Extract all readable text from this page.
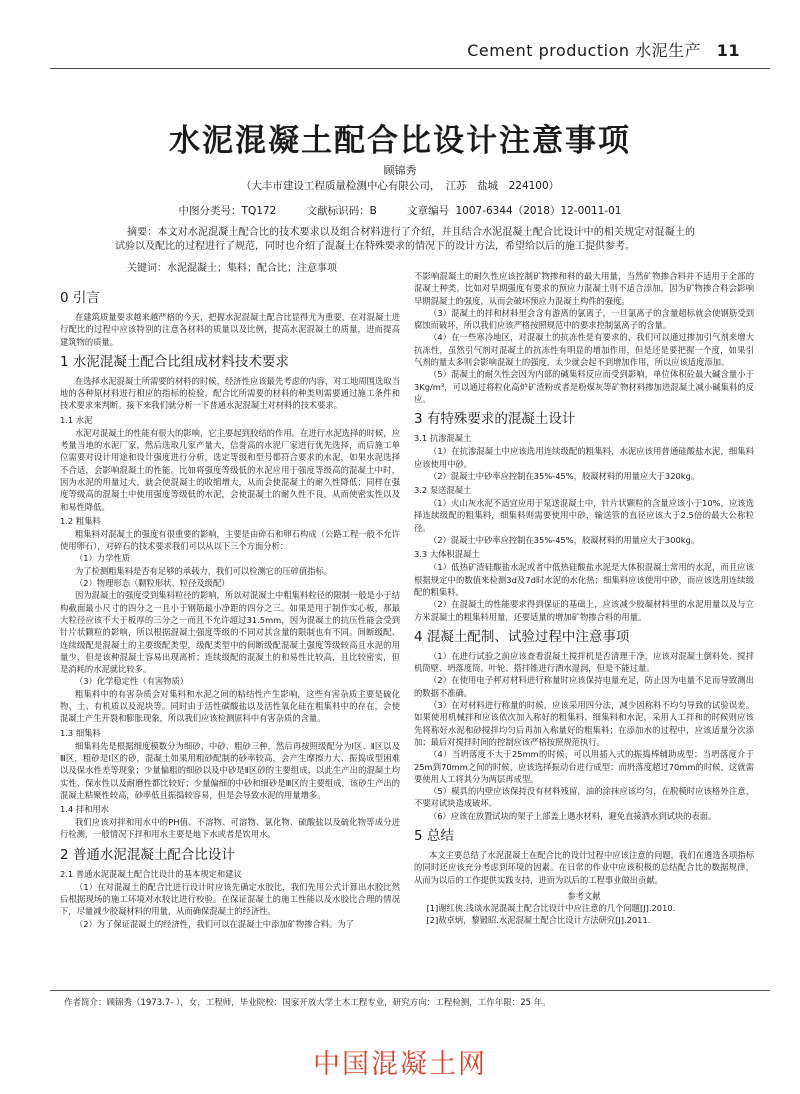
Cement production 水泥生产 11
水泥混凝土配合比设计注意事项
顾锦秀
（大丰市建设工程质量检测中心有限公司，　江苏　盐城　224100）
中图分类号：TQ172	文献标识码：B	文章编号 1007-6344（2018）12-0011-01
摘要：本文对水泥混凝土配合比的技术要求以及组合材料进行了介绍，并且结合水泥混凝土配合比设计中的相关规定对混凝土的试验以及配比的过程进行了规范，同时也介绍了混凝土在特殊要求的情况下的设计方法，希望给以后的施工提供参考。
关键词：水泥混凝土；集料；配合比；注意事项
0 引言

在建筑质量要求越来越严格的今天，把握水泥混凝土配合比显得尤为重要，在对混凝土进行配比的过程中应该特别的注意各材料的质量以及比例，提高水泥混凝土的质量，进而提高建筑物的质量。

1 水泥混凝土配合比组成材料技术要求

在选择水泥混凝土所需要的材料的时候，经济性应该最先考虑的内容，对工地周围选取当地的各种原材料进行相应的指标的检验，配合比所需要的材料的种类则需要通过施工条件和技术要求来判断。接下来我们就分析一下普通水泥混凝土对材料的技术要求。

1.1 水泥

水泥对混凝土的性能有很大的影响，它主要起到胶结的作用。在进行水泥选择的时候，应考量当地的水泥厂家，然后选取几家产量大，信誉高的水泥厂家进行优先选择，而后施工单位需要对设计用途和设计强度进行分析，选定等级和型号都符合要求的水泥，如果水泥选择不合适，会影响混凝土的性能。比如将强度等级低的水泥应用于强度等级高的混凝土中时，因为水泥的用量过大，就会使混凝土的收缩增大，从而会使混凝土的耐久性降低；同样在强度等级高的混凝土中使用强度等级低的水泥，会使混凝土的耐久性不良，从而使密实性以及和易性降低。

1.2 粗集料

粗集料对混凝土的强度有很重要的影响，主要是由碎石和卵石构成（公路工程一般不允许使用卵石），对碎石的技术要求我们可以从以下三个方面分析：

（1）力学性质

为了检测粗集料是否有足够的承载力，我们可以检测它的压碎值指标。

（2）物理形态（颗粒形状、粒径及级配）

因为混凝土的强度受到集料粒径的影响，所以对混凝土中粗集料粒径的限制一般是小于结构截面最小尺寸的四分之一且小于钢筋最小净距的四分之三。如果是用于制作实心板，那最大粒径应该不大于板厚的三分之一而且不允许超过31.5mm，因为混凝土的抗压性能会受到针片状颗粒的影响，所以根据混凝土强度等级的不同对其含量的限制也有不同。间断级配、连续级配是混凝土的主要级配类型，级配类型中的间断级配混凝土强度等级较高且水泥的用量少，但是该种混凝土容易出现离析；连续级配的混凝土的和易性比较高，且比较密实，但是消耗的水泥就比较多。

（3）化学稳定性（有害物质）

粗集料中的有害杂质会对集料和水泥之间的粘结性产生影响，这些有害杂质主要是硫化物、土、有机质以及泥块等。同时由于活性碳酸盐以及活性氧化硅在粗集料中的存在，会使混凝土产生开裂和膨胀现象，所以我们应该检测原料中有害杂质的含量。

1.3 细集料

细集料先是根据细度模数分为细砂、中砂、粗砂三种，然后再按照级配分为Ⅰ区、Ⅱ区以及Ⅲ区，粗砂是Ⅰ区的砂，混凝土如果用粗砂配制的砂率较高，会产生摩擦力大、振捣成型困难以及保水性差等现象；少量偏粗的细砂以及中砂是Ⅱ区砂的主要组成，以此生产出的混凝土均实性、保水性以及耐磨性都比较好；少量偏细的中砂和细砂是Ⅲ区的主要组成，该砂生产出的混凝土粘聚性较高，砂率低且振捣较容易，但是会导致水泥的用量增多。

1.4 拌和用水

我们应该对拌和用水中的PH值、不溶物、可溶物、氯化物、硫酸盐以及硫化物等成分进行检测，一般情况下拌和用水主要是地下水或者是饮用水。

2 普通水泥混凝土配合比设计
2.1 普通水泥混凝土配合比设计的基本规定和建议

（1）在对混凝土的配合比进行设计时应该先确定水胶比，我们先用公式计算出水胶比然后根据现场的施工环境对水胶比进行校验。在保证混凝土的施工性能以及水胶比合理的情况下，尽量减少胶凝材料的用量，从而确保混凝土的经济性。

（2）为了保证混凝土的经济性，我们可以在混凝土中添加矿物掺合料。为了

不影响混凝土的耐久性应该控制矿物掺和料的最大用量，当然矿物掺合料并不适用于全部的混凝土种类，比如对早期强度有要求的预应力混凝土则不适合添加，因为矿物掺合料会影响早期混凝土的强度，从而会破坏预应力混凝土构件的强度。

（3）混凝土的拌和材料里会含有游离的氯离子，一旦氯离子的含量超标就会使钢筋受到腐蚀而破坏，所以我们应该严格按照规范中的要求控制氯离子的含量。

（4）在一些寒冷地区，对混凝土的抗冻性是有要求的，我们可以通过掺加引气剂来增大抗冻性，虽然引气剂对混凝土的抗冻性有明显的增加作用，但是还是要把握一个度，如果引气剂的量太多则会影响混凝土的强度，太少就会起不到增加作用，所以应该适度添加。

（5）混凝土的耐久性会因为内部的碱集料反应而受到影响，单位体积砼最大碱含量小于3Kg/m³，可以通过将粒化高炉矿渣粉或者是粉煤灰等矿物材料掺加进混凝土减小碱集料的反应。

3 有特殊要求的混凝土设计
3.1 抗渗混凝土

（1）在抗渗混凝土中应该选用连续级配的粗集料，水泥应该用普通硅酸盐水泥，细集料应该使用中砂。

（2）混凝土中砂率应控制在35%-45%，胶凝材料的用量应大于320kg。

3.2 泵送混凝土

（1）火山灰水泥不适宜应用于泵送混凝土中，针片状颗粒的含量应该小于10%，应该选择连续级配的粗集料，细集料则需要使用中砂，输送管的直径应该大于2.5倍的最大公称粒径。

（2）混凝土中砂率应控制在35%-45%，胶凝材料的用量应大于300kg。

3.3 大体积混凝土

（1）低热矿渣硅酸盐水泥或者中低热硅酸盐水泥是大体积混凝土常用的水泥，而且应该根据规定中的数值来检测3d及7d时水泥的水化热；细集料应该使用中砂，而应该选用连续级配的粗集料。

（2）在混凝土的性能要求得到保证的基础上，应该减少胶凝材料里的水泥用量以及与立方米混凝土的粗集料用量，还要适量的增加矿物掺合料的用量。

4 混凝土配制、试验过程中注意事项

（1）在进行试验之前应该查看混凝土搅拌机是否清理干净，应该对混凝土倒料处、搅拌机筒壁、坍落度筒、叶轮、搭拌锥进行洒水湿润，但是不能过量。

（2）在使用电子秤对材料进行称量时应该保持电量充足，防止因为电量不足而导致测出的数据不准确。

（3）在对材料进行称量的时候，应该采用四分法，减少因称料不均匀导致的试验误差。如果使用机械拌和应该依次加入称好的粗集料、细集料和水泥，采用人工拌和的时候则应该先将称好水泥和砂搅拌均匀后再加入称量好的粗集料；在添加水的过程中，应该适量分次添加；最后对搅拌时间的控制应该严格按照规范执行。

（4）当坍落度不大于25mm的时候，可以用插入式的振捣棒辅助成型；当坍落度介于25m到70mm之间的时候，应该选择振动台进行成型；而坍落度超过70mm的时候，这就需要使用人工将其分为两层再成型。

（5）模具的内壁应该保持没有材料残留，油的涂抹应该均匀，在脱模时应该格外注意，不要对试块造成破坏。

（6）应该在放置试块的架子上部盖上遇水材料，避免直接洒水到试块的表面。

5 总结

本文主要总结了水泥混凝土在配合比的设计过程中应该注意的问题，我们在遴选各项指标的同时还应该充分考虑到环境的因素。在日常的作业中应该积极的总结配合比的数据规律，从而为以后的工作提供实践支持，进而为以后的工程事业做出贡献。

参考文献

[1]谢红侠.浅谈水泥混凝土配合比设计中应注意的几个问题[J].2010.

[2]敖卓炳，黎锻昭.水泥混凝土配合比设计方法研究[J].2011.

作者简介：顾锦秀（1973.7- ），女，工程师，毕业院校：国家开放大学土木工程专业，研究方向：工程检测，工作年限：25 年。
中国混凝土网
